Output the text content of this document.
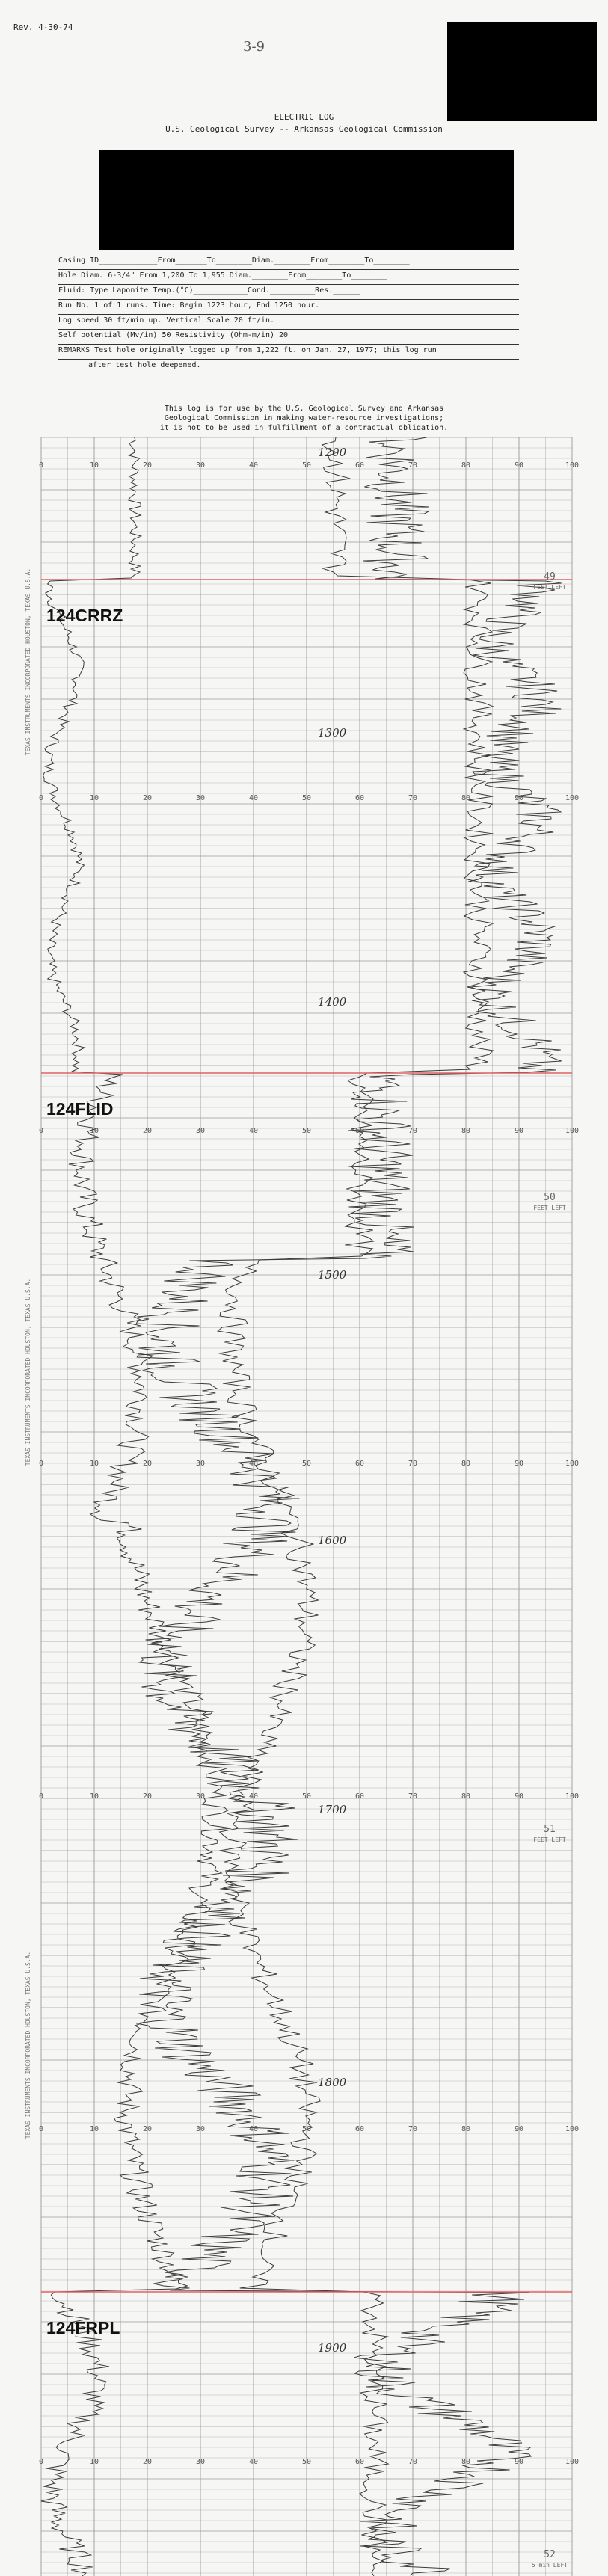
Rev. 4-30-74
3-9
ELECTRIC LOG
U.S. Geological Survey -- Arkansas Geological Commission
Casing ID_____________From_______To________Diam.________From________To________
Hole Diam. 6-3/4" From 1,200 To 1,955 Diam.________From________To________
Fluid: Type Laponite Temp.(°C)____________Cond.__________Res.______
Run No. 1 of 1 runs. Time: Begin 1223 hour, End 1250 hour.
Log speed 30 ft/min up. Vertical Scale 20 ft/in.
Self potential (Mv/in) 50 Resistivity (Ohm-m/in) 20
REMARKS Test hole originally logged up from 1,222 ft. on Jan. 27, 1977; this log run
after test hole deepened.
This log is for use by the U.S. Geological Survey and Arkansas
Geological Commission in making water-resource investigations;
it is not to be used in fulfillment of a contractual obligation.
0	10	20	30	40	50	60	70	80	90	100
0	10	20	30	40	50	60	70	80	90	100
0	10	20	30	40	50	60	70	80	90	100
0	10	20	30	40	50	60	70	80	90	100
0	10	20	30	40	50	60	70	80	90	100
0	10	20	30	40	50	60	70	80	90	100
0	10	20	30	40	50	60	70	80	90	100
1200
1300
1400
1500
1600
1700
1800
1900
49
FEET LEFT
50
FEET LEFT
51
FEET LEFT
52
5 min LEFT
TEXAS INSTRUMENTS INCORPORATED HOUSTON, TEXAS U.S.A.
TEXAS INSTRUMENTS INCORPORATED HOUSTON, TEXAS U.S.A.
TEXAS INSTRUMENTS INCORPORATED HOUSTON, TEXAS U.S.A.
124CRRZ
124FLID
124FRPL
